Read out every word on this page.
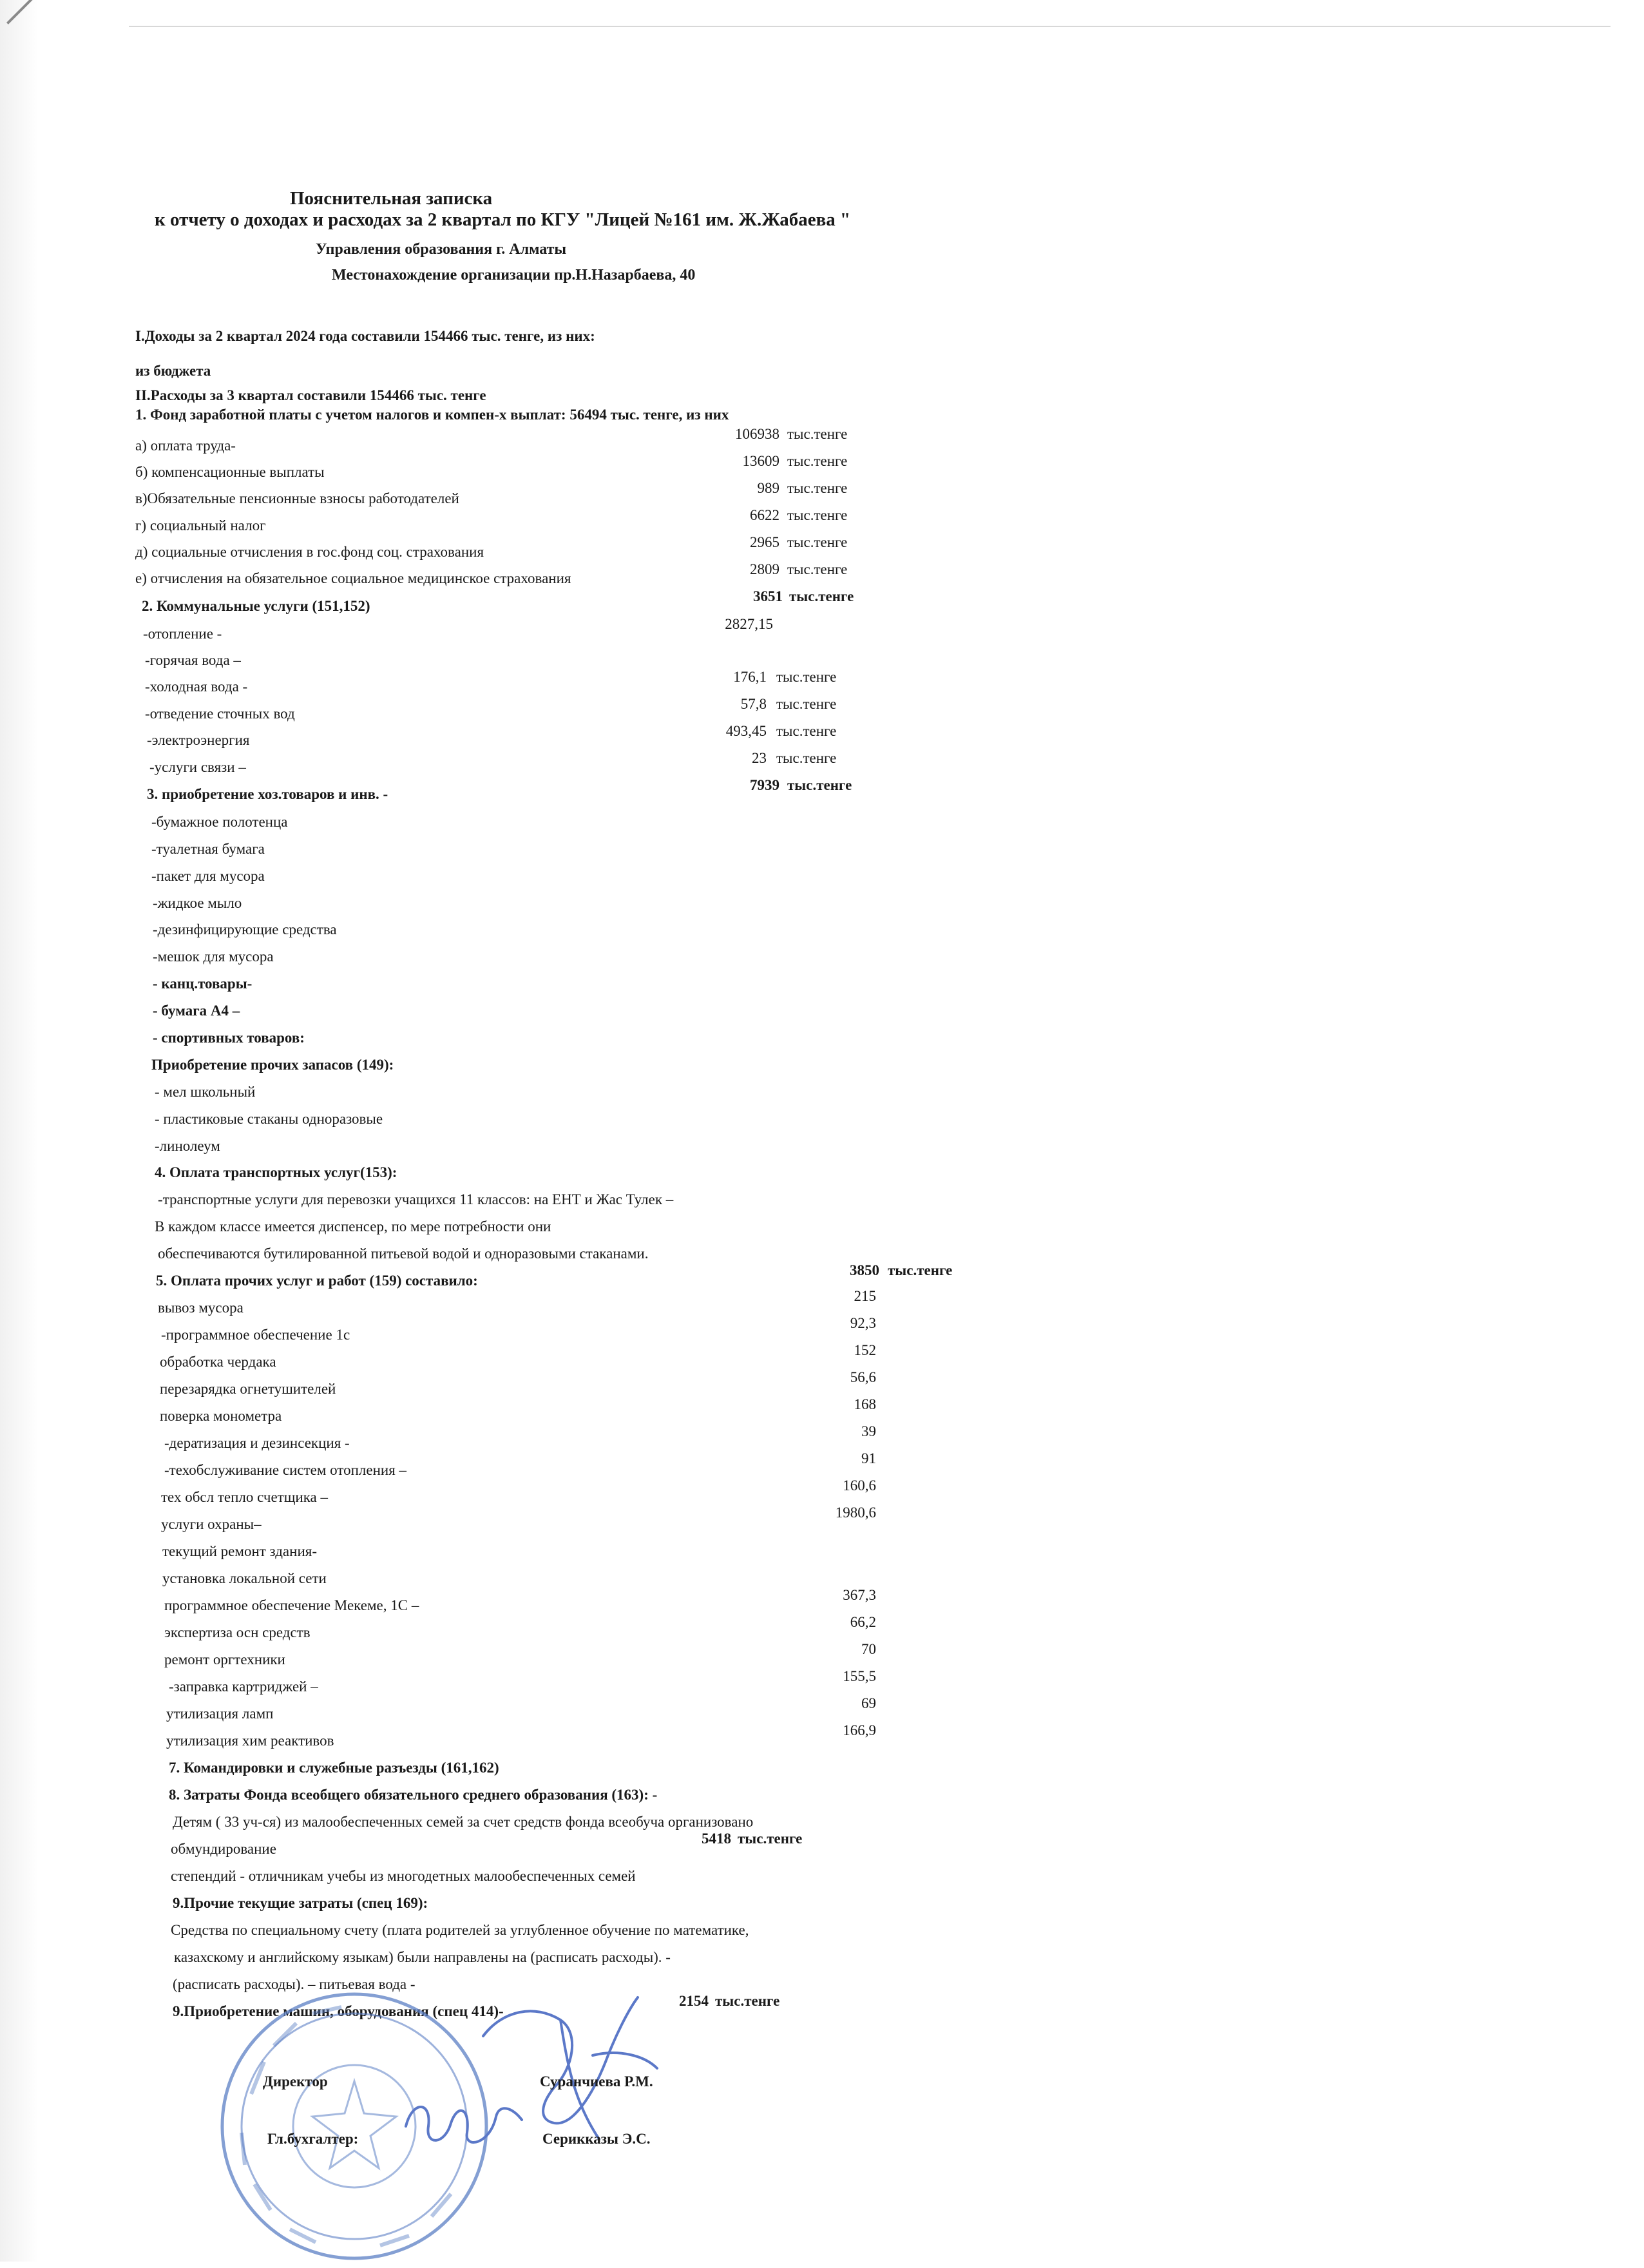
Пояснительная записка
к отчету о доходах и расходах за 2 квартал по КГУ "Лицей №161 им. Ж.Жабаева "
Управления образования г. Алматы
Местонахождение организации пр.Н.Назарбаева, 40
I.Доходы за 2 квартал 2024 года составили 154466 тыс. тенге, из них:
из бюджета
II.Расходы за 3 квартал составили 154466 тыс. тенге
1. Фонд заработной платы с учетом налогов и компен-х выплат: 56494 тыс. тенге, из них
а) оплата труда-
106938 тыс.тенге
б) компенсационные выплаты
13609 тыс.тенге
в)Обязательные пенсионные взносы работодателей
989 тыс.тенге
г) социальный налог
6622 тыс.тенге
д) социальные отчисления в гос.фонд соц. страхования
2965 тыс.тенге
е) отчисления на обязательное социальное медицинское страхования
2809 тыс.тенге
2. Коммунальные услуги (151,152)
3651 тыс.тенге
-отопление -
2827,15
-горячая вода –
-холодная вода -
176,1 тыс.тенге
-отведение сточных вод
57,8 тыс.тенге
-электроэнергия
493,45 тыс.тенге
-услуги связи –
23 тыс.тенге
3. приобретение хоз.товаров и инв. -
7939 тыс.тенге
-бумажное полотенца
-туалетная бумага
-пакет для мусора
-жидкое мыло
-дезинфицирующие средства
-мешок для мусора
- канц.товары-
- бумага А4 –
- спортивных товаров:
Приобретение прочих запасов (149):
- мел школьный
- пластиковые стаканы одноразовые
-линолеум
4. Оплата транспортных услуг(153):
-транспортные услуги для перевозки учащихся 11 классов: на ЕНТ и Жас Тулек –
В каждом классе имеется диспенсер, по мере потребности они
обеспечиваются бутилированной питьевой водой и одноразовыми стаканами.
5. Оплата прочих услуг и работ (159) составило:
3850 тыс.тенге
вывоз мусора
215
-программное обеспечение 1с
92,3
обработка чердака
152
перезарядка огнетушителей
56,6
поверка монометра
168
-дератизация и дезинсекция -
39
-техобслуживание систем отопления –
91
тех обсл тепло счетщика –
160,6
услуги охраны–
1980,6
текущий ремонт здания-
установка локальной сети
программное обеспечение Мекеме, 1С –
367,3
экспертиза осн средств
66,2
ремонт оргтехники
70
-заправка картриджей –
155,5
утилизация ламп
69
утилизация хим реактивов
166,9
7. Командировки и служебные разъезды (161,162)
8. Затраты Фонда всеобщего обязательного среднего образования (163): -
Детям ( 33 уч-ся) из малообеспеченных семей за счет средств фонда всеобуча организовано
обмундирование
5418 тыс.тенге
степендий - отличникам учебы из многодетных малообеспеченных семей
9.Прочие текущие затраты (спец 169):
Средства по специальному счету (плата родителей за углубленное обучение по математике,
казахскому и английскому языкам) были направлены на (расписать расходы). -
(расписать расходы). – питьевая вода -
9.Приобретение машин, оборудования (спец 414)-
2154 тыс.тенге
Директор	Суранчиева Р.М.
Гл.бухгалтер:	Серикказы Э.С.
